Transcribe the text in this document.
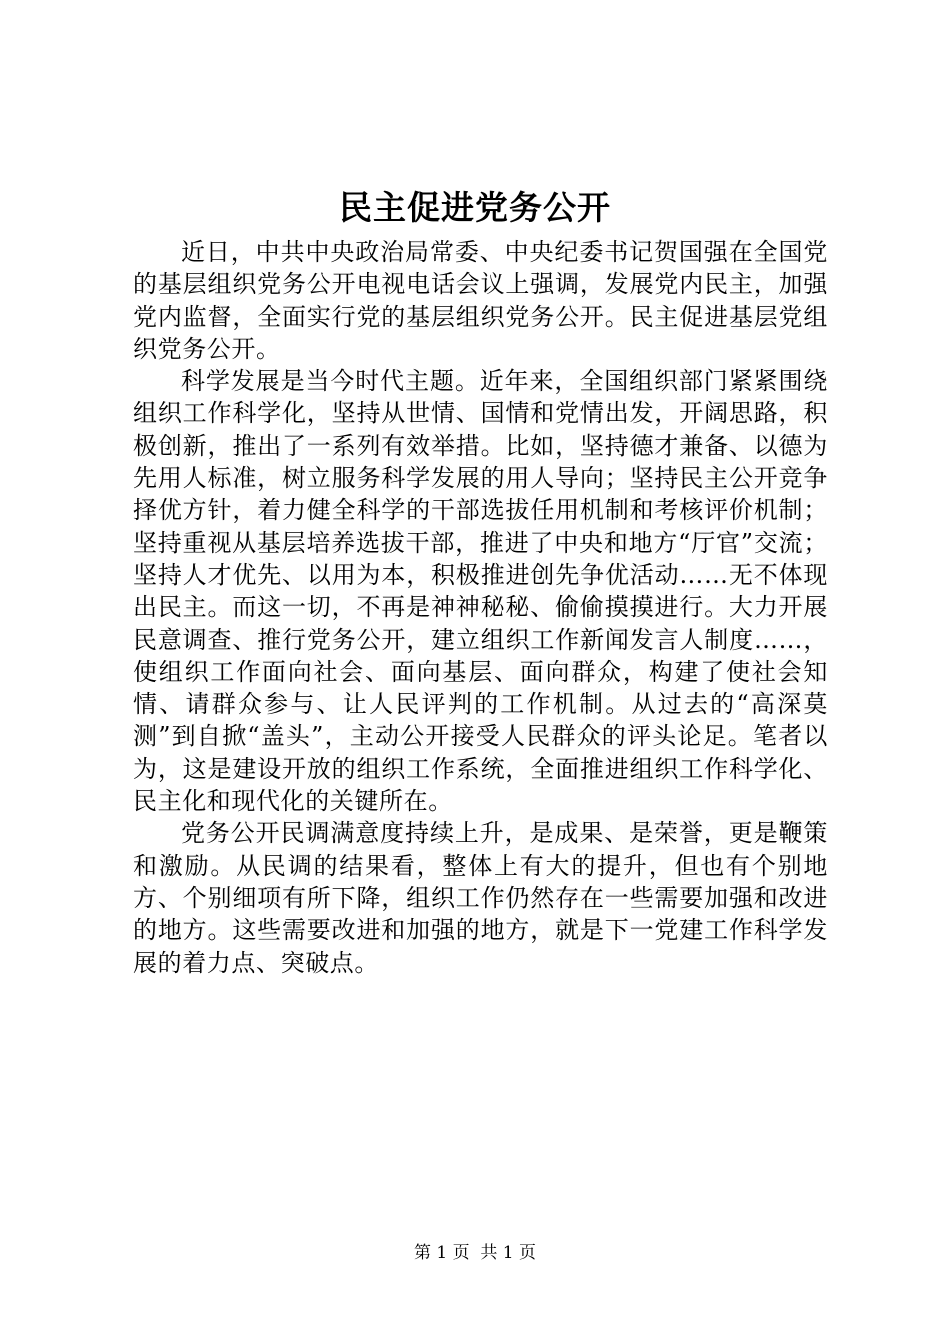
民主促进党务公开

近日，中共中央政治局常委、中央纪委书记贺国强在全国党的基层组织党务公开电视电话会议上强调，发展党内民主，加强党内监督，全面实行党的基层组织党务公开。民主促进基层党组织党务公开。

科学发展是当今时代主题。近年来，全国组织部门紧紧围绕组织工作科学化，坚持从世情、国情和党情出发，开阔思路，积极创新，推出了一系列有效举措。比如，坚持德才兼备、以德为先用人标准，树立服务科学发展的用人导向；坚持民主公开竞争择优方针，着力健全科学的干部选拔任用机制和考核评价机制；坚持重视从基层培养选拔干部，推进了中央和地方“厅官”交流；坚持人才优先、以用为本，积极推进创先争优活动……无不体现出民主。而这一切，不再是神神秘秘、偷偷摸摸进行。大力开展民意调查、推行党务公开，建立组织工作新闻发言人制度……，使组织工作面向社会、面向基层、面向群众，构建了使社会知情、请群众参与、让人民评判的工作机制。从过去的“高深莫测”到自掀“盖头”，主动公开接受人民群众的评头论足。笔者以为，这是建设开放的组织工作系统，全面推进组织工作科学化、民主化和现代化的关键所在。

党务公开民调满意度持续上升，是成果、是荣誉，更是鞭策和激励。从民调的结果看，整体上有大的提升，但也有个别地方、个别细项有所下降，组织工作仍然存在一些需要加强和改进的地方。这些需要改进和加强的地方，就是下一党建工作科学发展的着力点、突破点。

第 1 页 共 1 页
